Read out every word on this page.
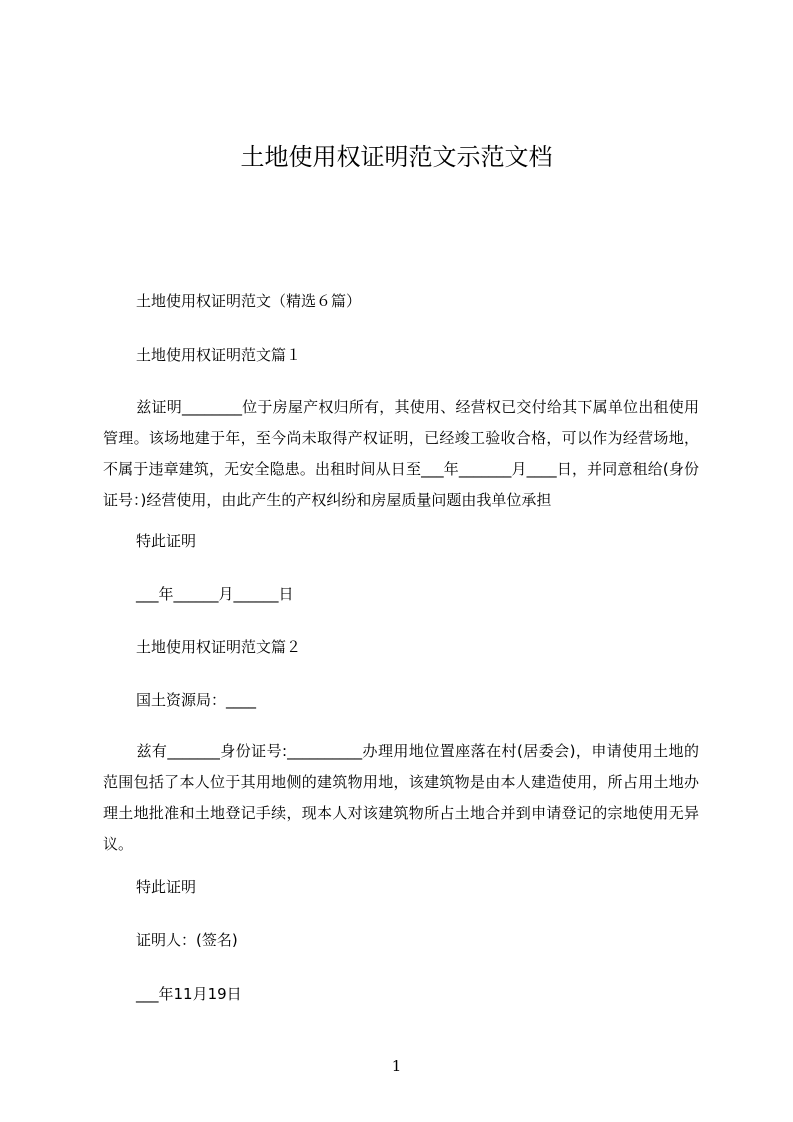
土地使用权证明范文示范文档

土地使用权证明范文（精选６篇）

土地使用权证明范文篇１

兹证明________位于房屋产权归所有，其使用、经营权已交付给其下属单位出租使用管理。该场地建于年，至今尚未取得产权证明，已经竣工验收合格，可以作为经营场地，不属于违章建筑，无安全隐患。出租时间从日至___年_______月____日，并同意租给(身份证号：)经营使用，由此产生的产权纠纷和房屋质量问题由我单位承担

特此证明

___年______月______日

土地使用权证明范文篇２

国土资源局：____

兹有_______身份证号:__________办理用地位置座落在村(居委会)，申请使用土地的范围包括了本人位于其用地侧的建筑物用地，该建筑物是由本人建造使用，所占用土地办理土地批准和土地登记手续，现本人对该建筑物所占土地合并到申请登记的宗地使用无异议。

特此证明

证明人：(签名)

___年11月19日

1
